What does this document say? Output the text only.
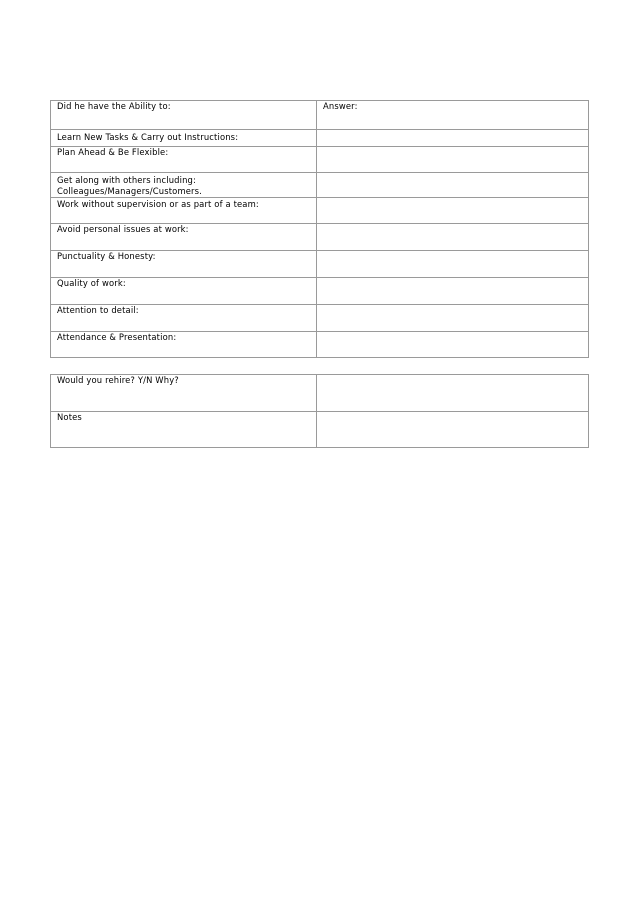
Did he have the Ability to:	Answer:
Learn New Tasks & Carry out Instructions:	
Plan Ahead & Be Flexible:	
Get along with others including:
Colleagues/Managers/Customers.	
Work without supervision or as part of a team:	
Avoid personal issues at work:	
Punctuality & Honesty:	
Quality of work:	
Attention to detail:	
Attendance & Presentation:	
Would you rehire? Y/N Why?	
Notes	
